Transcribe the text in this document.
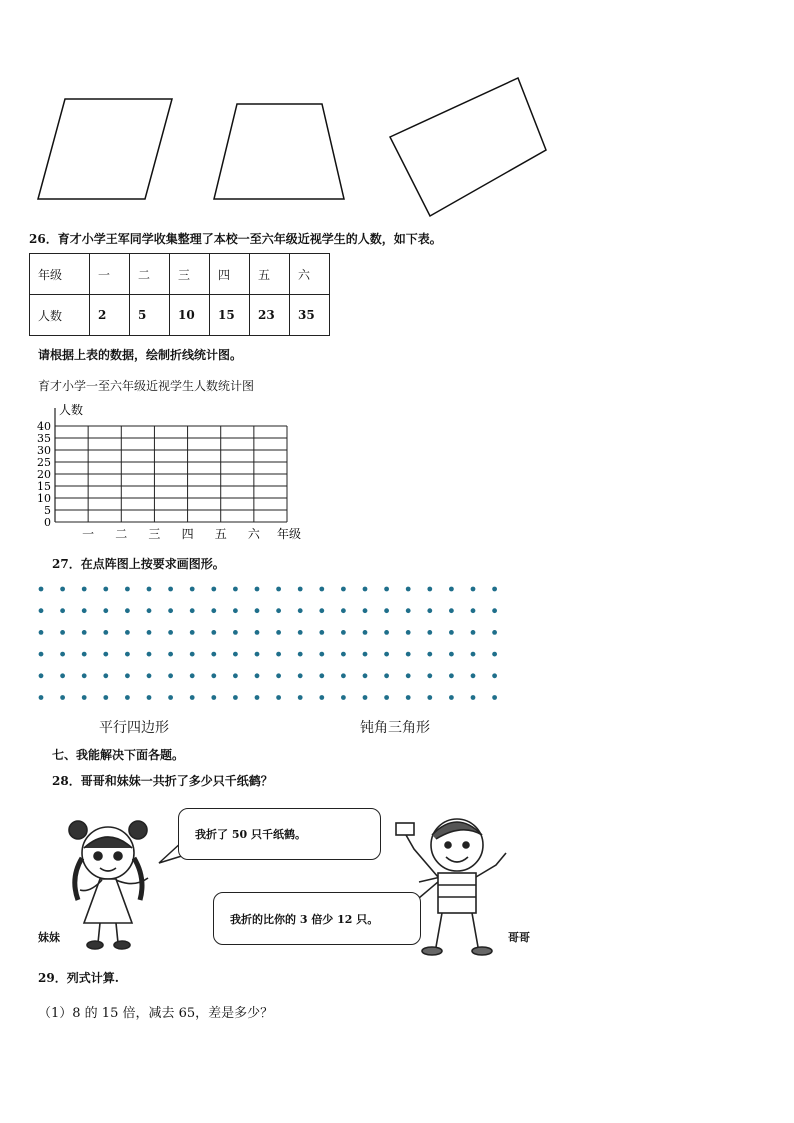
26．育才小学王军同学收集整理了本校一至六年级近视学生的人数，如下表。
年级	一	二	三	四	五	六
人数	2	5	10	15	23	35
请根据上表的数据，绘制折线统计图。
育才小学一至六年级近视学生人数统计图
人数
0
5
10
15
20
25
30
35
40
一 二 三 四 五 六 年级
27．在点阵图上按要求画图形。
平行四边形	钝角三角形
七、我能解决下面各题。
28．哥哥和妹妹一共折了多少只千纸鹤？
我折了 50 只千纸鹤。
我折的比你的 3 倍少 12 只。
妹妹	哥哥
29．列式计算.
（1）8 的 15 倍，减去 65，差是多少？
